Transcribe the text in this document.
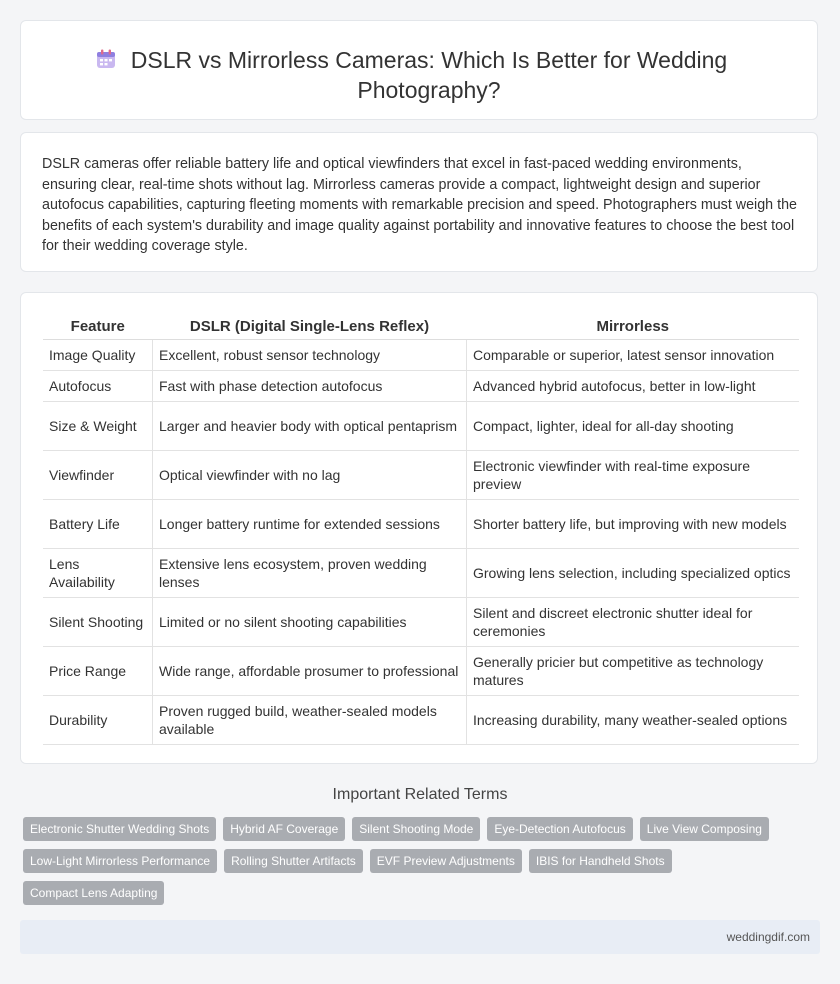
DSLR vs Mirrorless Cameras: Which Is Better for Wedding Photography?

DSLR cameras offer reliable battery life and optical viewfinders that excel in fast-paced wedding environments, ensuring clear, real-time shots without lag. Mirrorless cameras provide a compact, lightweight design and superior autofocus capabilities, capturing fleeting moments with remarkable precision and speed. Photographers must weigh the benefits of each system's durability and image quality against portability and innovative features to choose the best tool for their wedding coverage style.

Feature	DSLR (Digital Single-Lens Reflex)	Mirrorless
Image Quality	Excellent, robust sensor technology	Comparable or superior, latest sensor innovation
Autofocus	Fast with phase detection autofocus	Advanced hybrid autofocus, better in low-light
Size & Weight	Larger and heavier body with optical pentaprism	Compact, lighter, ideal for all-day shooting
Viewfinder	Optical viewfinder with no lag	Electronic viewfinder with real-time exposure preview
Battery Life	Longer battery runtime for extended sessions	Shorter battery life, but improving with new models
Lens Availability	Extensive lens ecosystem, proven wedding lenses	Growing lens selection, including specialized optics
Silent Shooting	Limited or no silent shooting capabilities	Silent and discreet electronic shutter ideal for ceremonies
Price Range	Wide range, affordable prosumer to professional	Generally pricier but competitive as technology matures
Durability	Proven rugged build, weather-sealed models available	Increasing durability, many weather-sealed options
Important Related Terms
Electronic Shutter Wedding Shots	Hybrid AF Coverage	Silent Shooting Mode	Eye-Detection Autofocus	Live View Composing
Low-Light Mirrorless Performance	Rolling Shutter Artifacts	EVF Preview Adjustments	IBIS for Handheld Shots
Compact Lens Adapting
weddingdif.com
